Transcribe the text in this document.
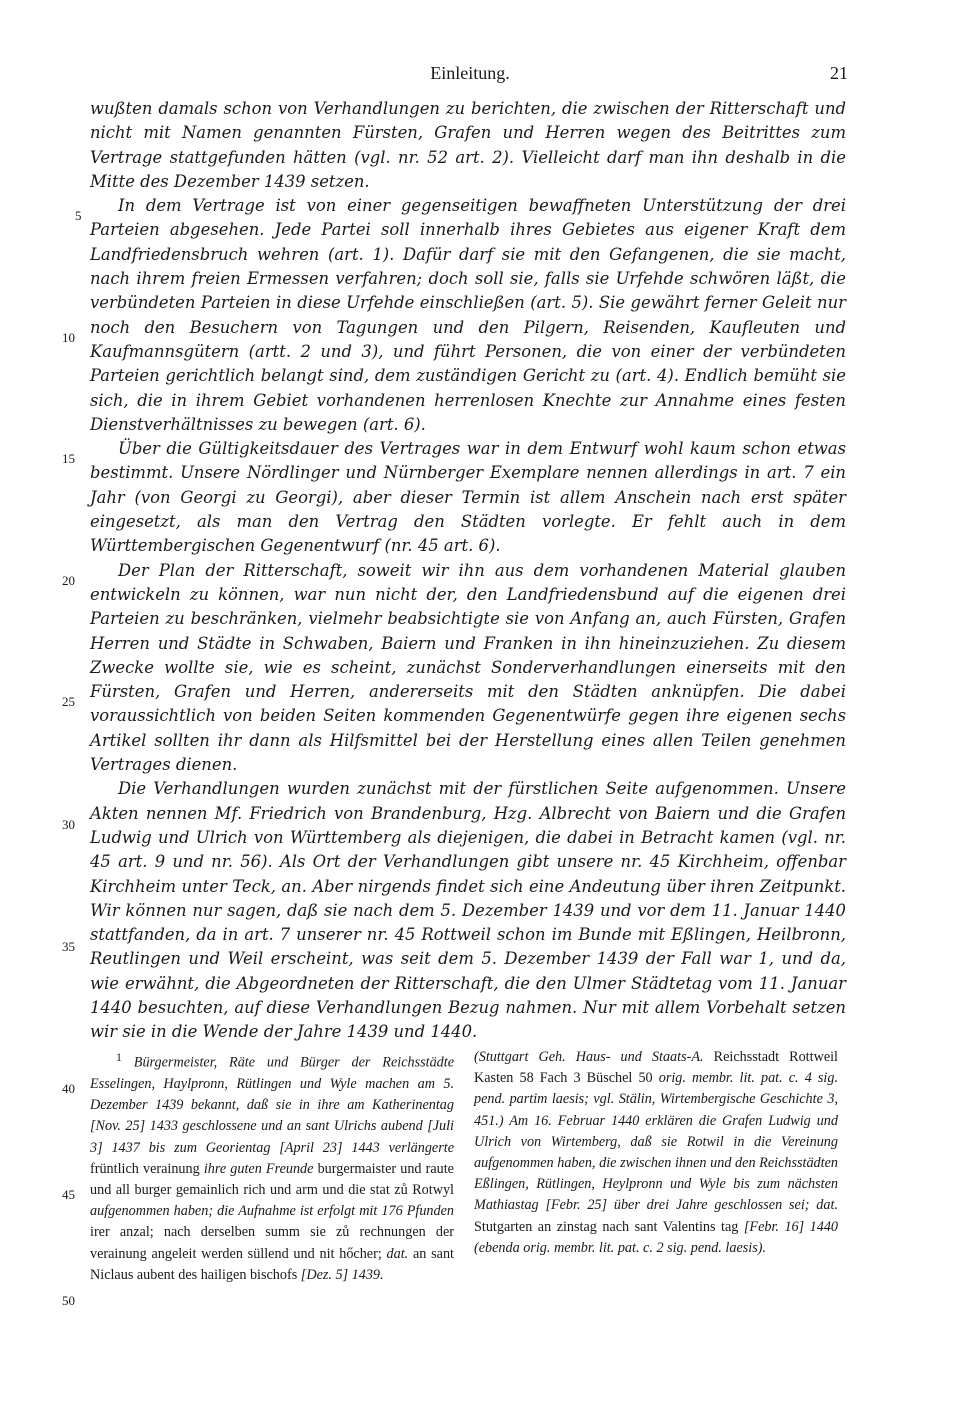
Einleitung.	21

wußten damals schon von Verhandlungen zu berichten, die zwischen der Ritterschaft und nicht mit Namen genannten Fürsten, Grafen und Herren wegen des Beitrittes zum Vertrage stattgefunden hätten (vgl. nr. 52 art. 2). Vielleicht darf man ihn deshalb in die Mitte des Dezember 1439 setzen.

In dem Vertrage ist von einer gegenseitigen bewaffneten Unterstützung der drei Parteien abgesehen. Jede Partei soll innerhalb ihres Gebietes aus eigener Kraft dem Landfriedensbruch wehren (art. 1). Dafür darf sie mit den Gefangenen, die sie macht, nach ihrem freien Ermessen verfahren; doch soll sie, falls sie Urfehde schwören läßt, die verbündeten Parteien in diese Urfehde einschließen (art. 5). Sie gewährt ferner Geleit nur noch den Besuchern von Tagungen und den Pilgern, Reisenden, Kaufleuten und Kaufmannsgütern (artt. 2 und 3), und führt Personen, die von einer der verbündeten Parteien gerichtlich belangt sind, dem zuständigen Gericht zu (art. 4). Endlich bemüht sie sich, die in ihrem Gebiet vorhandenen herrenlosen Knechte zur Annahme eines festen Dienstverhältnisses zu bewegen (art. 6).

Über die Gültigkeitsdauer des Vertrages war in dem Entwurf wohl kaum schon etwas bestimmt. Unsere Nördlinger und Nürnberger Exemplare nennen allerdings in art. 7 ein Jahr (von Georgi zu Georgi), aber dieser Termin ist allem Anschein nach erst später eingesetzt, als man den Vertrag den Städten vorlegte. Er fehlt auch in dem Württembergischen Gegenentwurf (nr. 45 art. 6).

Der Plan der Ritterschaft, soweit wir ihn aus dem vorhandenen Material glauben entwickeln zu können, war nun nicht der, den Landfriedensbund auf die eigenen drei Parteien zu beschränken, vielmehr beabsichtigte sie von Anfang an, auch Fürsten, Grafen Herren und Städte in Schwaben, Baiern und Franken in ihn hineinzuziehen. Zu diesem Zwecke wollte sie, wie es scheint, zunächst Sonderverhandlungen einerseits mit den Fürsten, Grafen und Herren, andererseits mit den Städten anknüpfen. Die dabei voraussichtlich von beiden Seiten kommenden Gegenentwürfe gegen ihre eigenen sechs Artikel sollten ihr dann als Hilfsmittel bei der Herstellung eines allen Teilen genehmen Vertrages dienen.

Die Verhandlungen wurden zunächst mit der fürstlichen Seite aufgenommen. Unsere Akten nennen Mf. Friedrich von Brandenburg, Hzg. Albrecht von Baiern und die Grafen Ludwig und Ulrich von Württemberg als diejenigen, die dabei in Betracht kamen (vgl. nr. 45 art. 9 und nr. 56). Als Ort der Verhandlungen gibt unsere nr. 45 Kirchheim, offenbar Kirchheim unter Teck, an. Aber nirgends findet sich eine Andeutung über ihren Zeitpunkt. Wir können nur sagen, daß sie nach dem 5. Dezember 1439 und vor dem 11. Januar 1440 stattfanden, da in art. 7 unserer nr. 45 Rottweil schon im Bunde mit Eßlingen, Heilbronn, Reutlingen und Weil erscheint, was seit dem 5. Dezember 1439 der Fall war 1, und da, wie erwähnt, die Abgeordneten der Ritterschaft, die den Ulmer Städtetag vom 11. Januar 1440 besuchten, auf diese Verhandlungen Bezug nahmen. Nur mit allem Vorbehalt setzen wir sie in die Wende der Jahre 1439 und 1440.

5
10
15
20
25
30
35

$^1$ Bürgermeister, Räte und Bürger der Reichsstädte Esselingen, Haylpronn, Rütlingen und Wyle machen am 5. Dezember 1439 bekannt, daß sie in ihre am Katherinentag [Nov. 25] 1433 geschlossene und an sant Ulrichs aubend [Juli 3] 1437 bis zum Georientag [April 23] 1443 verlängerte früntlich verainung ihre guten Freunde burgermaister und raute und all burger gemainlich rich und arm und die stat zů Rotwyl aufgenommen haben; die Aufnahme ist erfolgt mit 176 Pfunden irer anzal; nach derselben summ sie zů rechnungen der verainung angeleit werden süllend und nit hőcher; dat. an sant Niclaus aubent des hailigen bischofs [Dez. 5] 1439.

(Stuttgart Geh. Haus- und Staats-A. Reichsstadt Rottweil Kasten 58 Fach 3 Büschel 50 orig. membr. lit. pat. c. 4 sig. pend. partim laesis; vgl. Stälin, Wirtembergische Geschichte 3, 451.) Am 16. Februar 1440 erklären die Grafen Ludwig und Ulrich von Wirtemberg, daß sie Rotwil in die Vereinung aufgenommen haben, die zwischen ihnen und den Reichsstädten Eßlingen, Rütlingen, Heylpronn und Wyle bis zum nächsten Mathiastag [Febr. 25] über drei Jahre geschlossen sei; dat. Stutgarten an zinstag nach sant Valentins tag [Febr. 16] 1440 (ebenda orig. membr. lit. pat. c. 2 sig. pend. laesis).

40
45
50
